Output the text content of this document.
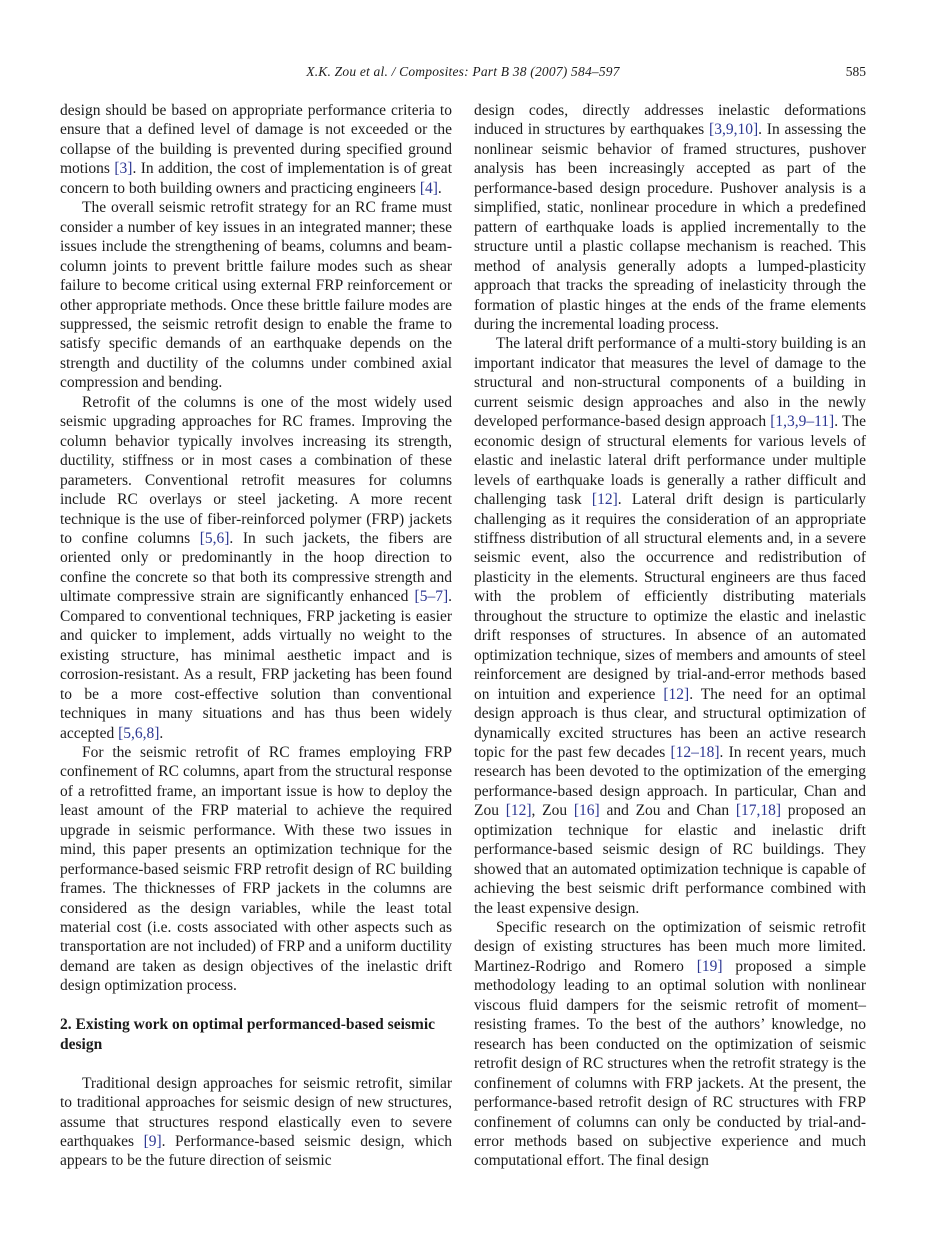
X.K. Zou et al. / Composites: Part B 38 (2007) 584–597	585

design should be based on appropriate performance criteria to ensure that a defined level of damage is not exceeded or the collapse of the building is prevented during specified ground motions [3]. In addition, the cost of implementation is of great concern to both building owners and practicing engineers [4].

The overall seismic retrofit strategy for an RC frame must consider a number of key issues in an integrated manner; these issues include the strengthening of beams, columns and beam-column joints to prevent brittle failure modes such as shear failure to become critical using external FRP reinforcement or other appropriate methods. Once these brittle failure modes are suppressed, the seismic retrofit design to enable the frame to satisfy specific demands of an earthquake depends on the strength and ductility of the columns under combined axial compression and bending.

Retrofit of the columns is one of the most widely used seismic upgrading approaches for RC frames. Improving the column behavior typically involves increasing its strength, ductility, stiffness or in most cases a combination of these parameters. Conventional retrofit measures for columns include RC overlays or steel jacketing. A more recent technique is the use of fiber-reinforced polymer (FRP) jackets to confine columns [5,6]. In such jackets, the fibers are oriented only or predominantly in the hoop direction to confine the concrete so that both its compressive strength and ultimate compressive strain are significantly enhanced [5–7]. Compared to conventional techniques, FRP jacketing is easier and quicker to implement, adds virtually no weight to the existing structure, has minimal aesthetic impact and is corrosion-resistant. As a result, FRP jacketing has been found to be a more cost-effective solution than conventional techniques in many situations and has thus been widely accepted [5,6,8].

For the seismic retrofit of RC frames employing FRP confinement of RC columns, apart from the structural response of a retrofitted frame, an important issue is how to deploy the least amount of the FRP material to achieve the required upgrade in seismic performance. With these two issues in mind, this paper presents an optimization technique for the performance-based seismic FRP retrofit design of RC building frames. The thicknesses of FRP jackets in the columns are considered as the design variables, while the least total material cost (i.e. costs associated with other aspects such as transportation are not included) of FRP and a uniform ductility demand are taken as design objectives of the inelastic drift design optimization process.

2. Existing work on optimal performanced-based seismic design

Traditional design approaches for seismic retrofit, similar to traditional approaches for seismic design of new structures, assume that structures respond elastically even to severe earthquakes [9]. Performance-based seismic design, which appears to be the future direction of seismic

design codes, directly addresses inelastic deformations induced in structures by earthquakes [3,9,10]. In assessing the nonlinear seismic behavior of framed structures, pushover analysis has been increasingly accepted as part of the performance-based design procedure. Pushover analysis is a simplified, static, nonlinear procedure in which a predefined pattern of earthquake loads is applied incrementally to the structure until a plastic collapse mechanism is reached. This method of analysis generally adopts a lumped-plasticity approach that tracks the spreading of inelasticity through the formation of plastic hinges at the ends of the frame elements during the incremental loading process.

The lateral drift performance of a multi-story building is an important indicator that measures the level of damage to the structural and non-structural components of a building in current seismic design approaches and also in the newly developed performance-based design approach [1,3,9–11]. The economic design of structural elements for various levels of elastic and inelastic lateral drift performance under multiple levels of earthquake loads is generally a rather difficult and challenging task [12]. Lateral drift design is particularly challenging as it requires the consideration of an appropriate stiffness distribution of all structural elements and, in a severe seismic event, also the occurrence and redistribution of plasticity in the elements. Structural engineers are thus faced with the problem of efficiently distributing materials throughout the structure to optimize the elastic and inelastic drift responses of structures. In absence of an automated optimization technique, sizes of members and amounts of steel reinforcement are designed by trial-and-error methods based on intuition and experience [12]. The need for an optimal design approach is thus clear, and structural optimization of dynamically excited structures has been an active research topic for the past few decades [12–18]. In recent years, much research has been devoted to the optimization of the emerging performance-based design approach. In particular, Chan and Zou [12], Zou [16] and Zou and Chan [17,18] proposed an optimization technique for elastic and inelastic drift performance-based seismic design of RC buildings. They showed that an automated optimization technique is capable of achieving the best seismic drift performance combined with the least expensive design.

Specific research on the optimization of seismic retrofit design of existing structures has been much more limited. Martinez-Rodrigo and Romero [19] proposed a simple methodology leading to an optimal solution with nonlinear viscous fluid dampers for the seismic retrofit of moment–resisting frames. To the best of the authors’ knowledge, no research has been conducted on the optimization of seismic retrofit design of RC structures when the retrofit strategy is the confinement of columns with FRP jackets. At the present, the performance-based retrofit design of RC structures with FRP confinement of columns can only be conducted by trial-and-error methods based on subjective experience and much computational effort. The final design
